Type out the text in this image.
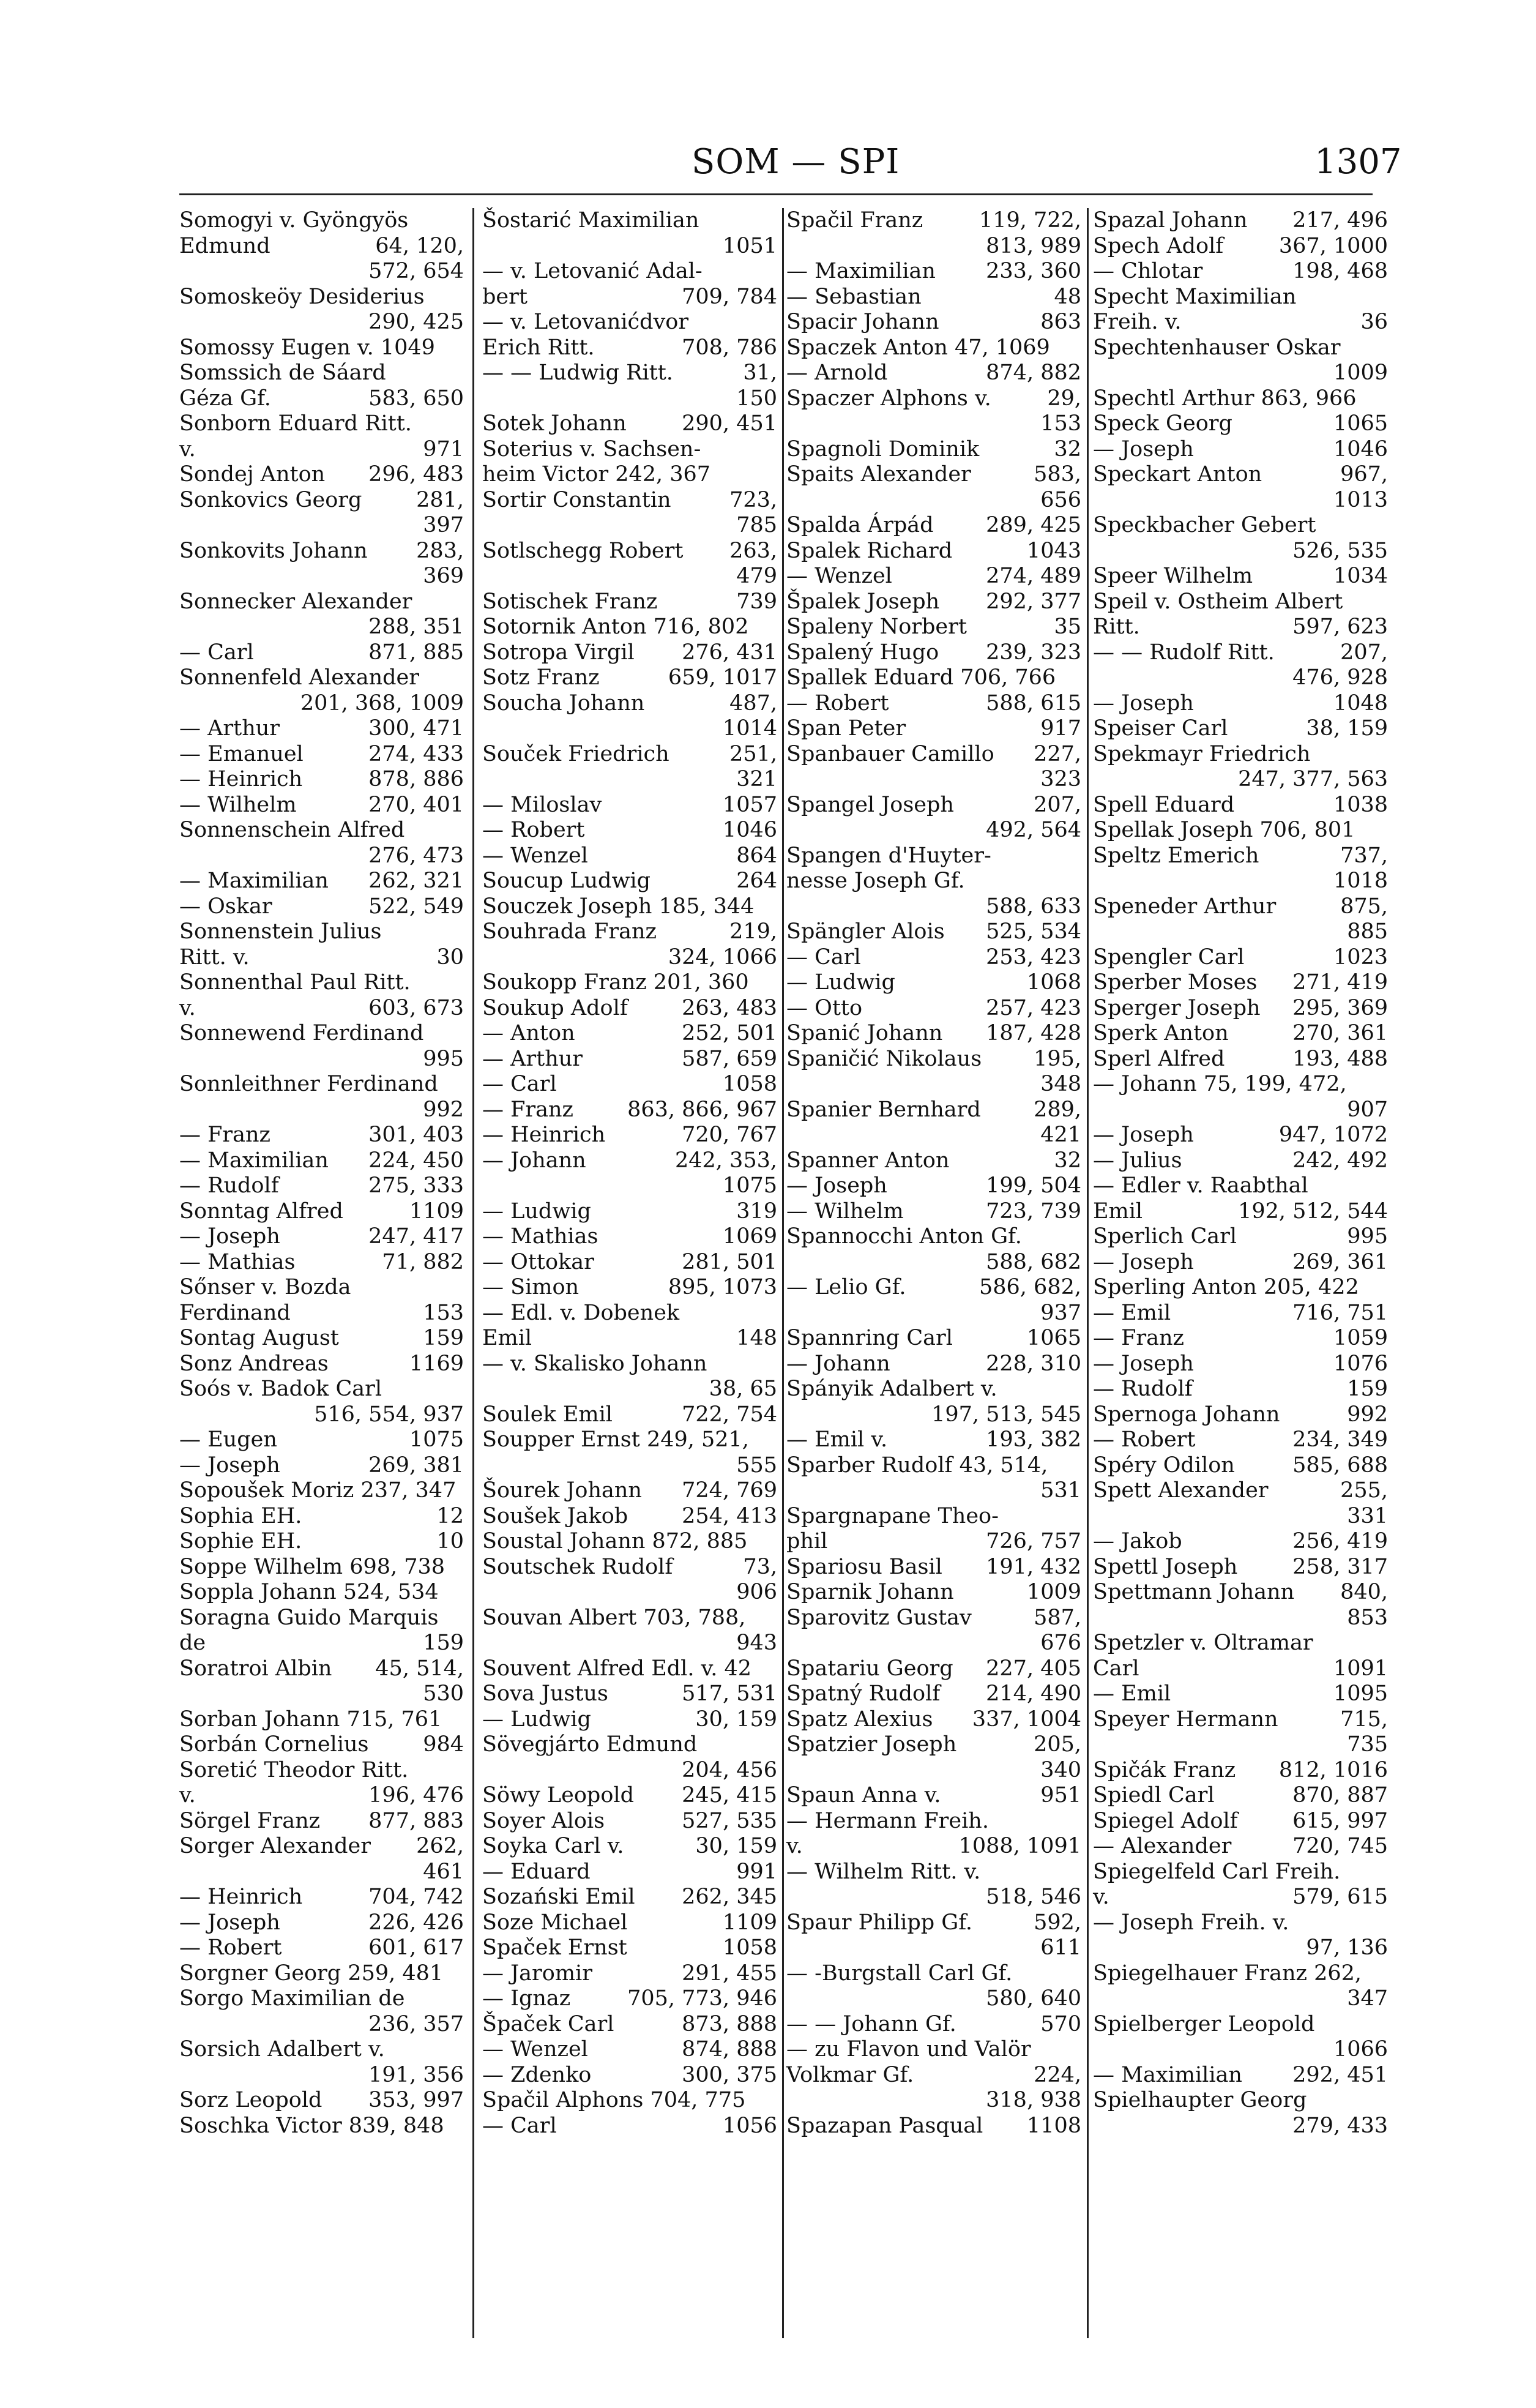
SOM — SPI	1307
Somogyi v. Gyöngyös
Edmund	64, 120,
572, 654
Somoskeöy Desiderius
290, 425
Somossy Eugen v. 1049
Somssich de Sáard
Géza Gf.	583, 650
Sonborn Eduard Ritt.
v.	971
Sondej Anton 296, 483
Sonkovics Georg	281,
397
Sonkovits Johann 283,
369
Sonnecker Alexander
288, 351
— Carl	871, 885
Sonnenfeld Alexander
201, 368, 1009
— Arthur	300, 471
— Emanuel	274, 433
— Heinrich	878, 886
— Wilhelm	270, 401
Sonnenschein Alfred
276, 473
— Maximilian 262, 321
— Oskar	522, 549
Sonnenstein Julius
Ritt. v.	30
Sonnenthal Paul Ritt.
v.	603, 673
Sonnewend Ferdinand
995
Sonnleithner Ferdinand
992
— Franz	301, 403
— Maximilian 224, 450
— Rudolf	275, 333
Sonntag Alfred	1109
— Joseph	247, 417
— Mathias	71, 882
Sőnser v. Bozda
Ferdinand	153
Sontag August	159
Sonz Andreas	1169
Soós v. Badok Carl
516, 554, 937
— Eugen	1075
— Joseph	269, 381
Sopoušek Moriz 237, 347
Sophia EH.	12
Sophie EH.	10
Soppe Wilhelm 698, 738
Soppla Johann 524, 534
Soragna Guido Marquis
de	159
Soratroi Albin 45, 514,
530
Sorban Johann 715, 761
Sorbán Cornelius	984
Soretić Theodor Ritt.
v.	196, 476
Sörgel Franz 877, 883
Sorger Alexander 262,
461
— Heinrich	704, 742
— Joseph	226, 426
— Robert	601, 617
Sorgner Georg 259, 481
Sorgo Maximilian de
236, 357
Sorsich Adalbert v.
191, 356
Sorz Leopold 353, 997
Soschka Victor 839, 848
Šostarić Maximilian
1051
— v. Letovanić Adal-
bert	709, 784
— v. Letovanićdvor
Erich Ritt.	708, 786
— — Ludwig Ritt.	31,
150
Sotek Johann	290, 451
Soterius v. Sachsen-
heim Victor 242, 367
Sortir Constantin	723,
785
Sotlschegg Robert 263,
479
Sotischek Franz	739
Sotornik Anton 716, 802
Sotropa Virgil 276, 431
Sotz Franz	659, 1017
Soucha Johann	487,
1014
Souček Friedrich	251,
321
— Miloslav	1057
— Robert	1046
— Wenzel	864
Soucup Ludwig	264
Souczek Joseph 185, 344
Souhrada Franz	219,
324, 1066
Soukopp Franz 201, 360
Soukup Adolf	263, 483
— Anton	252, 501
— Arthur	587, 659
— Carl	1058
— Franz	863, 866, 967
— Heinrich	720, 767
— Johann	242, 353,
1075
— Ludwig	319
— Mathias	1069
— Ottokar	281, 501
— Simon	895, 1073
— Edl. v. Dobenek
Emil	148
— v. Skalisko Johann
38, 65
Soulek Emil	722, 754
Soupper Ernst 249, 521,
555
Šourek Johann 724, 769
Soušek Jakob	254, 413
Soustal Johann 872, 885
Soutschek Rudolf	73,
906
Souvan Albert 703, 788,
943
Souvent Alfred Edl. v. 42
Sova Justus	517, 531
— Ludwig	30, 159
Sövegjárto Edmund
204, 456
Söwy Leopold 245, 415
Soyer Alois	527, 535
Soyka Carl v.	30, 159
— Eduard	991
Sozański Emil 262, 345
Soze Michael	1109
Spaček Ernst	1058
— Jaromir	291, 455
— Ignaz	705, 773, 946
Špaček Carl	873, 888
— Wenzel	874, 888
— Zdenko	300, 375
Spačil Alphons 704, 775
— Carl	1056
Spačil Franz	119, 722,
813, 989
— Maximilian 233, 360
— Sebastian	48
Spacir Johann	863
Spaczek Anton 47, 1069
— Arnold	874, 882
Spaczer Alphons v.	29,
153
Spagnoli Dominik	32
Spaits Alexander	583,
656
Spalda Árpád 289, 425
Spalek Richard	1043
— Wenzel	274, 489
Špalek Joseph 292, 377
Spaleny Norbert	35
Spalený Hugo 239, 323
Spallek Eduard 706, 766
— Robert	588, 615
Span Peter	917
Spanbauer Camillo 227,
323
Spangel Joseph	207,
492, 564
Spangen d'Huyter-
nesse Joseph Gf.
588, 633
Spängler Alois 525, 534
— Carl	253, 423
— Ludwig	1068
— Otto	257, 423
Spanić Johann 187, 428
Spaničić Nikolaus 195,
348
Spanier Bernhard 289,
421
Spanner Anton	32
— Joseph	199, 504
— Wilhelm	723, 739
Spannocchi Anton Gf.
588, 682
— Lelio Gf.	586, 682,
937
Spannring Carl	1065
— Johann	228, 310
Spányik Adalbert v.
197, 513, 545
— Emil v.	193, 382
Sparber Rudolf 43, 514,
531
Spargnapane Theo-
phil	726, 757
Spariosu Basil 191, 432
Sparnik Johann	1009
Sparovitz Gustav	587,
676
Spatariu Georg 227, 405
Spatný Rudolf 214, 490
Spatz Alexius 337, 1004
Spatzier Joseph	205,
340
Spaun Anna v.	951
— Hermann Freih.
v.	1088, 1091
— Wilhelm Ritt. v.
518, 546
Spaur Philipp Gf.	592,
611
— -Burgstall Carl Gf.
580, 640
— — Johann Gf.	570
— zu Flavon und Valör
Volkmar Gf.	224,
318, 938
Spazapan Pasqual 1108
Spazal Johann 217, 496
Spech Adolf	367, 1000
— Chlotar	198, 468
Specht Maximilian
Freih. v.	36
Spechtenhauser Oskar
1009
Spechtl Arthur 863, 966
Speck Georg	1065
— Joseph	1046
Speckart Anton	967,
1013
Speckbacher Gebert
526, 535
Speer Wilhelm	1034
Speil v. Ostheim Albert
Ritt.	597, 623
— — Rudolf Ritt.	207,
476, 928
— Joseph	1048
Speiser Carl	38, 159
Spekmayr Friedrich
247, 377, 563
Spell Eduard	1038
Spellak Joseph 706, 801
Speltz Emerich	737,
1018
Speneder Arthur	875,
885
Spengler Carl	1023
Sperber Moses 271, 419
Sperger Joseph 295, 369
Sperk Anton	270, 361
Sperl Alfred	193, 488
— Johann 75, 199, 472,
907
— Joseph	947, 1072
— Julius	242, 492
— Edler v. Raabthal
Emil	192, 512, 544
Sperlich Carl	995
— Joseph	269, 361
Sperling Anton 205, 422
— Emil	716, 751
— Franz	1059
— Joseph	1076
— Rudolf	159
Spernoga Johann	992
— Robert	234, 349
Spéry Odilon	585, 688
Spett Alexander	255,
331
— Jakob	256, 419
Spettl Joseph	258, 317
Spettmann Johann 840,
853
Spetzler v. Oltramar
Carl	1091
— Emil	1095
Speyer Hermann	715,
735
Spičák Franz 812, 1016
Spiedl Carl	870, 887
Spiegel Adolf	615, 997
— Alexander	720, 745
Spiegelfeld Carl Freih.
v.	579, 615
— Joseph Freih. v.
97, 136
Spiegelhauer Franz 262,
347
Spielberger Leopold
1066
— Maximilian 292, 451
Spielhaupter Georg
279, 433
